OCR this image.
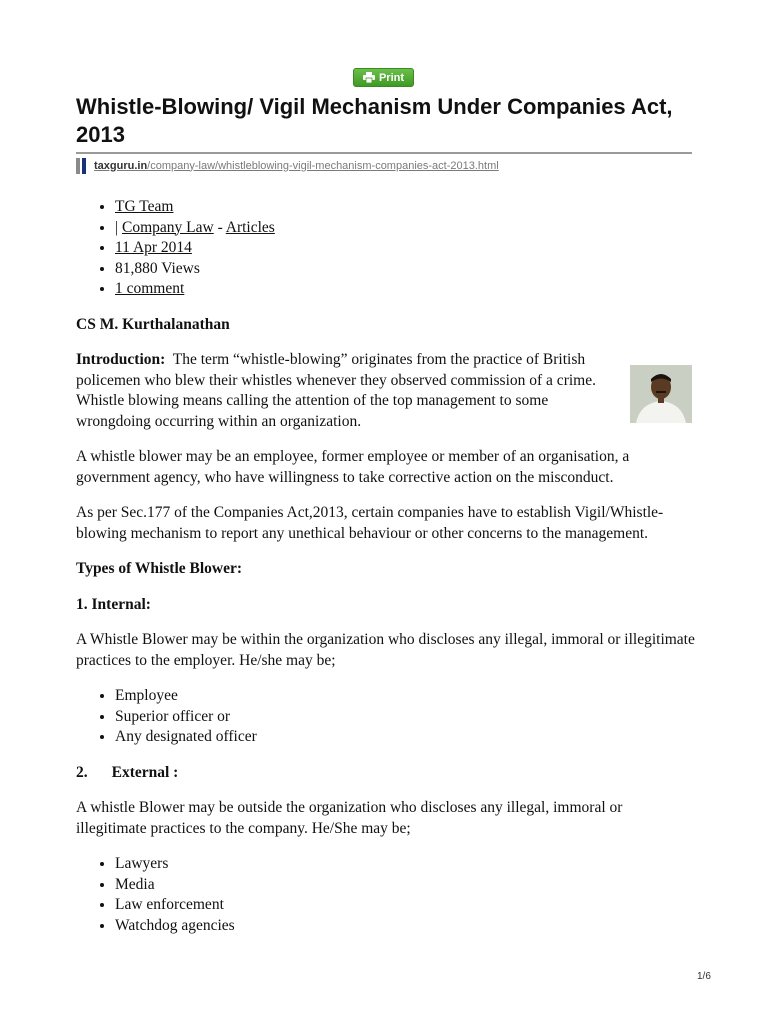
Print
Whistle-Blowing/ Vigil Mechanism Under Companies Act, 2013
taxguru.in/company-law/whistleblowing-vigil-mechanism-companies-act-2013.html
• TG Team
• | Company Law - Articles
• 11 Apr 2014
• 81,880 Views
• 1 comment

CS M. Kurthalanathan

Introduction: The term “whistle-blowing” originates from the practice of British policemen who blew their whistles whenever they observed commission of a crime. Whistle blowing means calling the attention of the top management to some wrongdoing occurring within an organization.

A whistle blower may be an employee, former employee or member of an organisation, a government agency, who have willingness to take corrective action on the misconduct.

As per Sec.177 of the Companies Act,2013, certain companies have to establish Vigil/Whistle-blowing mechanism to report any unethical behaviour or other concerns to the management.

Types of Whistle Blower:

1. Internal:

A Whistle Blower may be within the organization who discloses any illegal, immoral or illegitimate practices to the employer. He/she may be;

• Employee
• Superior officer or
• Any designated officer

2. External :

A whistle Blower may be outside the organization who discloses any illegal, immoral or illegitimate practices to the company. He/She may be;

• Lawyers
• Media
• Law enforcement
• Watchdog agencies
1/6
